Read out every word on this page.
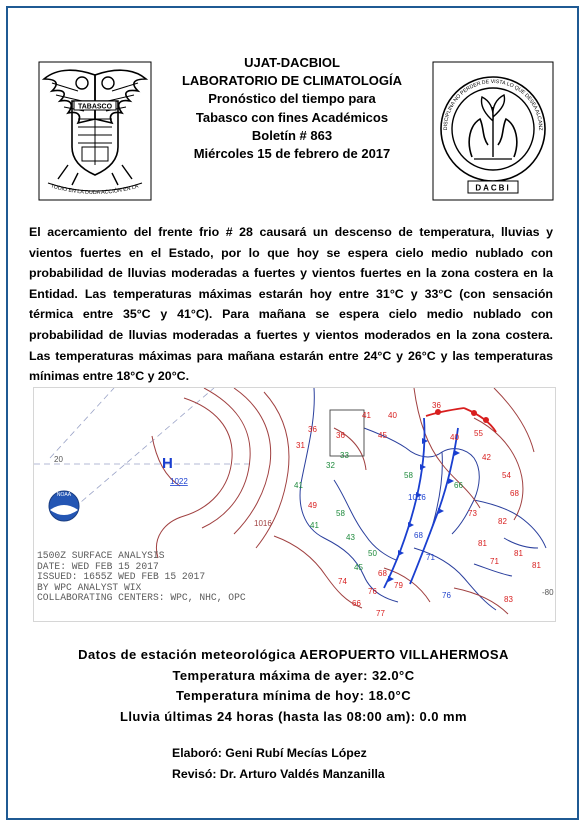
TABASCO
TUDIO EN LA DUDA ACCIÓN EN LA
DISCIPLINA NO PERDER DE VISTA LO QUE DESEA ALCANZ
DACBI
UJAT-DACBIOL
LABORATORIO DE CLIMATOLOGÍA
Pronóstico del tiempo para
Tabasco con fines Académicos
Boletín # 863
Miércoles 15 de febrero de 2017
El acercamiento del frente frio # 28 causará un descenso de temperatura, lluvias y vientos fuertes en el Estado, por lo que hoy se espera cielo medio nublado con probabilidad de lluvias moderadas a fuertes y vientos fuertes en la zona costera en la Entidad. Las temperaturas máximas estarán hoy entre 31°C y 33°C (con sensación térmica entre 35°C y 41°C). Para mañana se espera cielo medio nublado con probabilidad de lluvias moderadas a fuertes y vientos moderados en la zona costera. Las temperaturas máximas para mañana estarán entre 24°C y 26°C y las temperaturas mínimas entre 18°C y 20°C.
36
36
31
41
45
40
33
32
41
49
41
58
43
50
45
68
74
76
66
79
77
58
66
73
81
82
81
71	81
83
36
40 55
42
54
68
68
71
76
NOAA
H
1022
1016
1016
20
-80
1500Z SURFACE ANALYSIS
DATE: WED FEB 15 2017
ISSUED: 1655Z WED FEB 15 2017
BY WPC ANALYST WIX
COLLABORATING CENTERS: WPC, NHC, OPC
Datos de estación meteorológica AEROPUERTO VILLAHERMOSA
Temperatura máxima de ayer: 32.0°C
Temperatura mínima de hoy: 18.0°C
Lluvia últimas 24 horas (hasta las 08:00 am): 0.0 mm
Elaboró: Geni Rubí Mecías López
Revisó: Dr. Arturo Valdés Manzanilla
